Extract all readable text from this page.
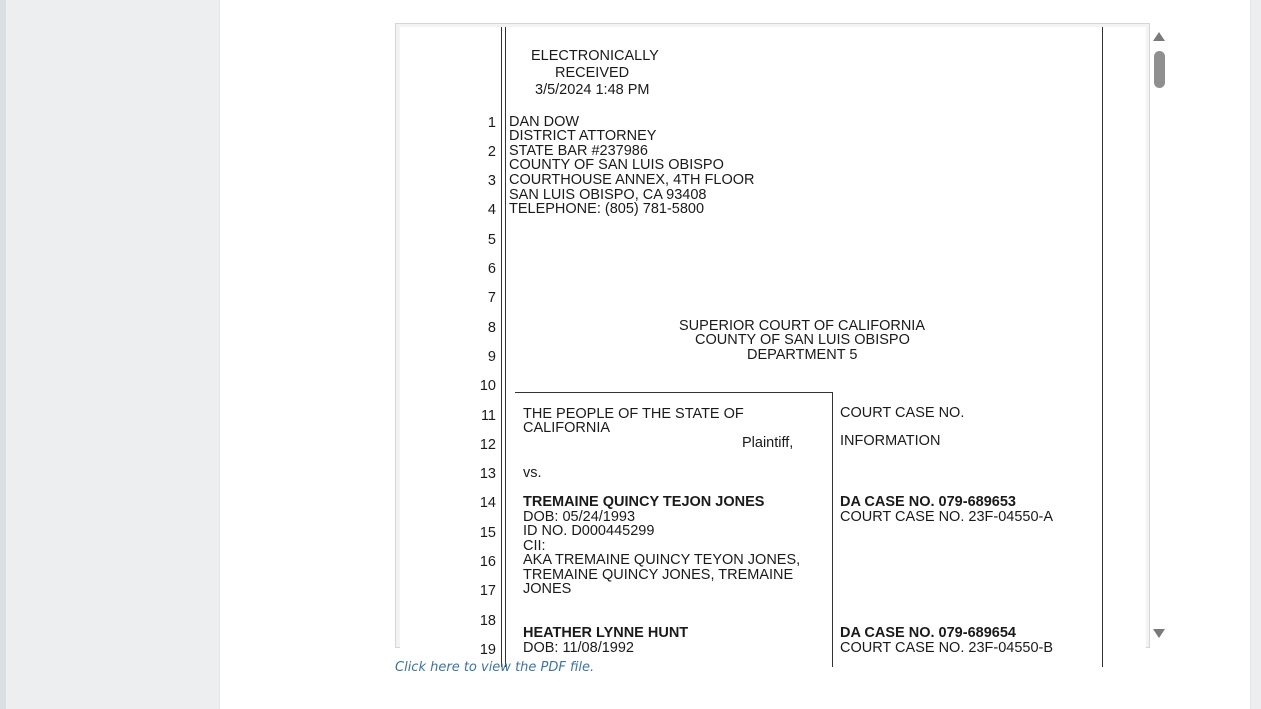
ELECTRONICALLY
RECEIVED
3/5/2024 1:48 PM
1
2
3
4
5
6
7
8
9
10
11
12
13
14
15
16
17
18
19
DAN DOW
DISTRICT ATTORNEY
STATE BAR #237986
COUNTY OF SAN LUIS OBISPO
COURTHOUSE ANNEX, 4TH FLOOR
SAN LUIS OBISPO, CA 93408
TELEPHONE: (805) 781-5800
SUPERIOR COURT OF CALIFORNIA
COUNTY OF SAN LUIS OBISPO
DEPARTMENT 5
THE PEOPLE OF THE STATE OF
CALIFORNIA
Plaintiff,
vs.
TREMAINE QUINCY TEJON JONES
DOB: 05/24/1993
ID NO. D000445299
CII:
AKA TREMAINE QUINCY TEYON JONES,
TREMAINE QUINCY JONES, TREMAINE
JONES
HEATHER LYNNE HUNT
DOB: 11/08/1992
COURT CASE NO.
INFORMATION
DA CASE NO. 079-689653
COURT CASE NO. 23F-04550-A
DA CASE NO. 079-689654
COURT CASE NO. 23F-04550-B
Click here to view the PDF file.
